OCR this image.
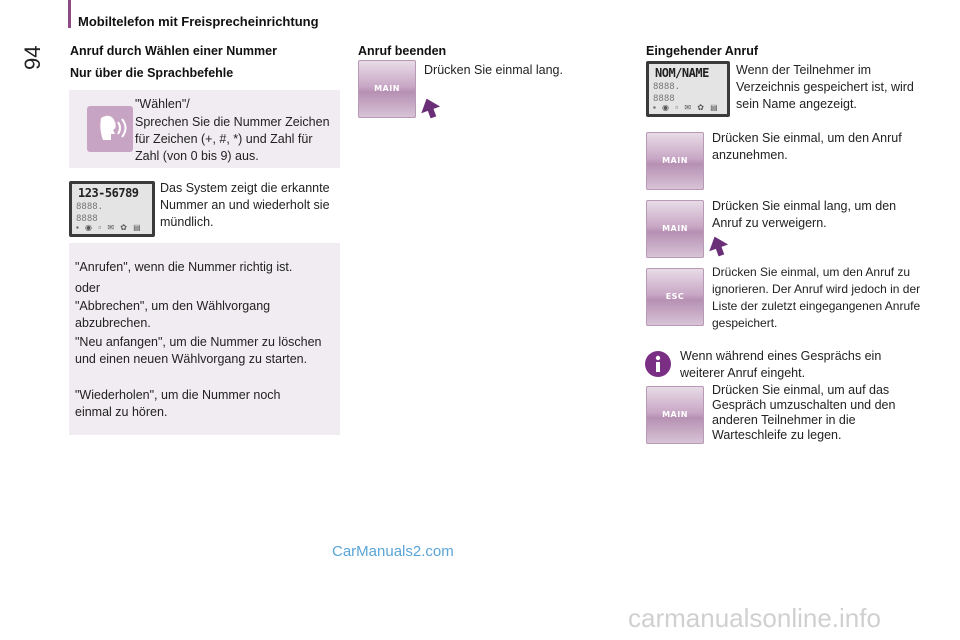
Mobiltelefon mit Freisprecheinrichtung
94 Anruf durch Wählen einer Nummer
Nur über die Sprachbefehle
"Wählen"/
Sprechen Sie die Nummer Zeichen für Zeichen (+, #, *) und Zahl für Zahl (von 0 bis 9) aus.
123-56789
8888.
8888
▪ ◉ ▫ ✉ ✿ ▤
Das System zeigt die erkannte Nummer an und wiederholt sie mündlich.
"Anrufen", wenn die Nummer richtig ist.
oder
"Abbrechen", um den Wählvorgang abzubrechen.
"Neu anfangen", um die Nummer zu löschen und einen neuen Wählvorgang zu starten.
"Wiederholen", um die Nummer noch einmal zu hören.
Anruf beenden
MAIN
Drücken Sie einmal lang.
Eingehender Anruf
NOM/NAME
8888.
8888
▪ ◉ ▫ ✉ ✿ ▤
Wenn der Teilnehmer im Verzeichnis gespeichert ist, wird sein Name angezeigt.
MAIN
Drücken Sie einmal, um den Anruf anzunehmen.
MAIN
Drücken Sie einmal lang, um den Anruf zu verweigern.
ESC
Drücken Sie einmal, um den Anruf zu ignorieren. Der Anruf wird jedoch in der Liste der zuletzt eingegangenen Anrufe gespeichert.
Wenn während eines Gesprächs ein weiterer Anruf eingeht.
MAIN
Drücken Sie einmal, um auf das Gespräch umzuschalten und den anderen Teilnehmer in die Warteschleife zu legen.
CarManuals2.com
carmanualsonline.info
